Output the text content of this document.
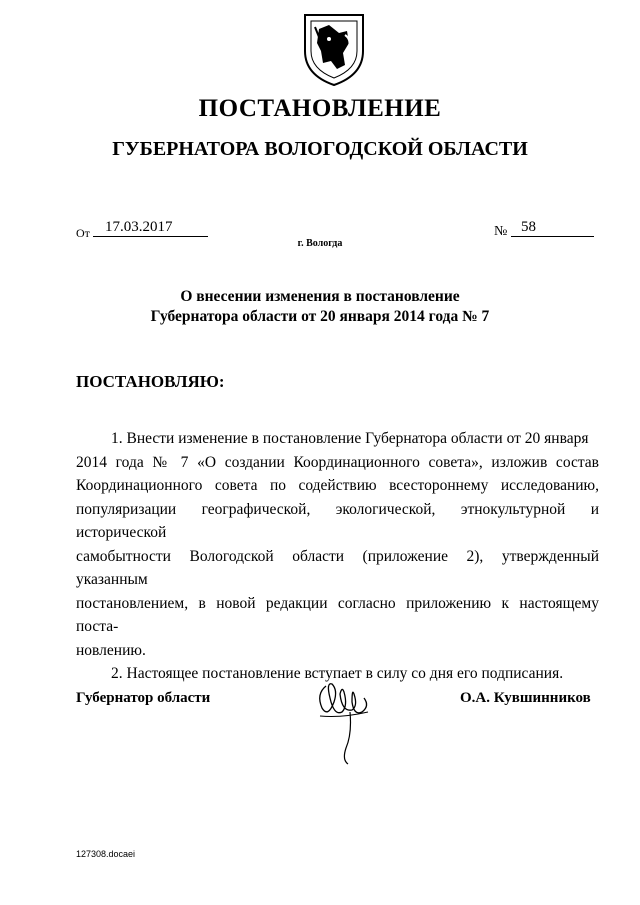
ПОСТАНОВЛЕНИЕ
ГУБЕРНАТОРА ВОЛОГОДСКОЙ ОБЛАСТИ
От	17.03.2017	№ 58
г. Вологда
О внесении изменения в постановление
Губернатора области от 20 января 2014 года № 7
ПОСТАНОВЛЯЮ:

1. Внести изменение в постановление Губернатора области от 20 января

2014 года № 7 «О создании Координационного совета», изложив состав
Координационного совета по содействию всестороннему исследованию,
популяризации географической, экологической, этнокультурной и исторической
самобытности Вологодской области (приложение 2), утвержденный указанным
постановлением, в новой редакции согласно приложению к настоящему поста-
новлению.

2. Настоящее постановление вступает в силу со дня его подписания.

Губернатор области	О.А. Кувшинников
127308.docaei
